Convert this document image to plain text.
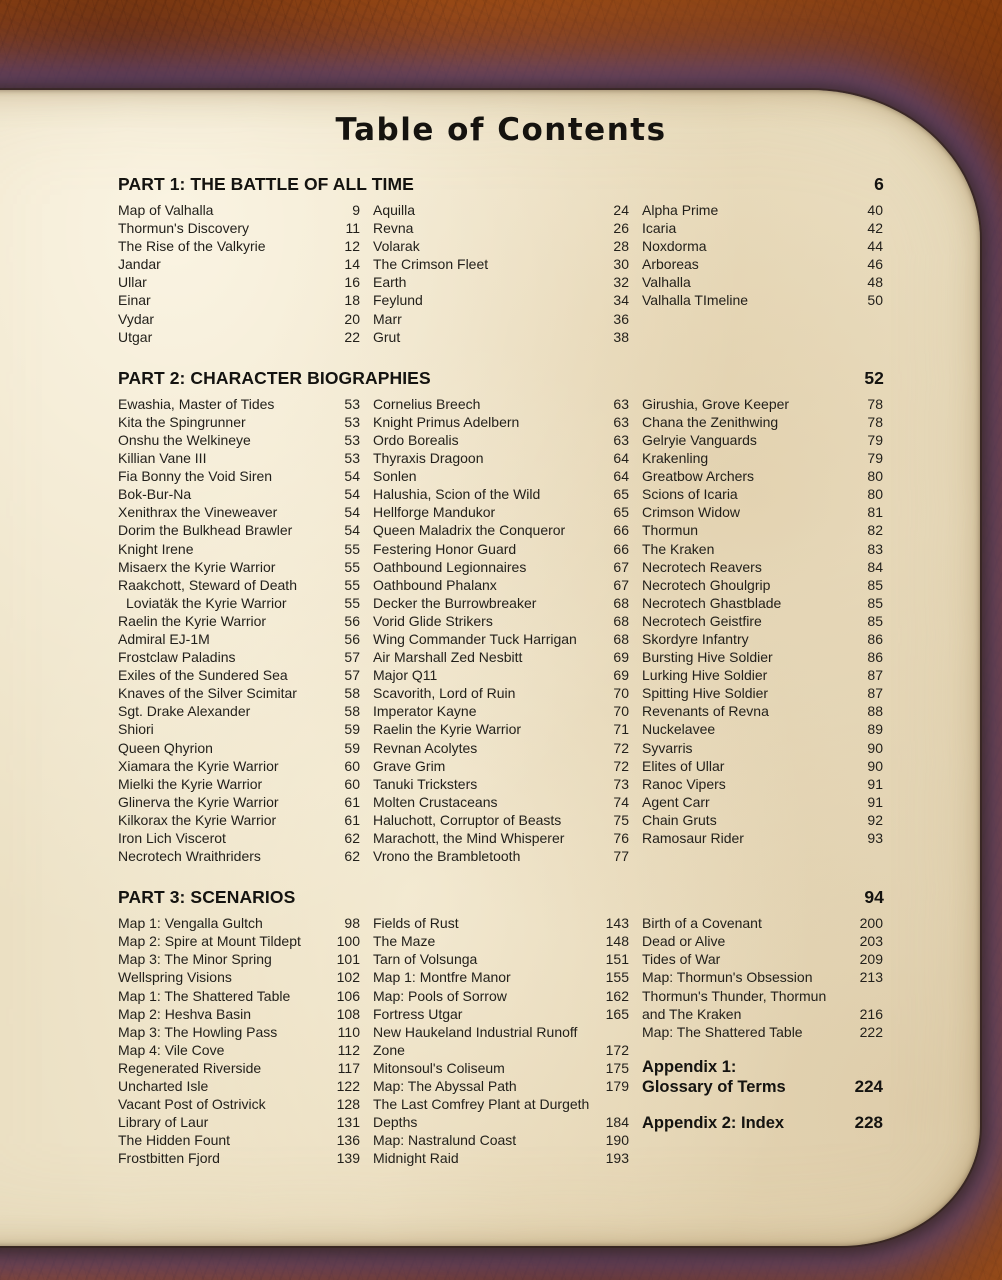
Table of Contents
PART 1: THE BATTLE OF ALL TIME	6
Map of Valhalla	9
Thormun's Discovery	11
The Rise of the Valkyrie	12
Jandar	14
Ullar	16
Einar	18
Vydar	20
Utgar	22
Aquilla	24
Revna	26
Volarak	28
The Crimson Fleet	30
Earth	32
Feylund	34
Marr	36
Grut	38
Alpha Prime	40
Icaria	42
Noxdorma	44
Arboreas	46
Valhalla	48
Valhalla TImeline	50
PART 2: CHARACTER BIOGRAPHIES	52
Ewashia, Master of Tides	53
Kita the Spingrunner	53
Onshu the Welkineye	53
Killian Vane III	53
Fia Bonny the Void Siren	54
Bok-Bur-Na	54
Xenithrax the Vineweaver	54
Dorim the Bulkhead Brawler	54
Knight Irene	55
Misaerx the Kyrie Warrior	55
Raakchott, Steward of Death	55
Loviatäk the Kyrie Warrior	55
Raelin the Kyrie Warrior	56
Admiral EJ-1M	56
Frostclaw Paladins	57
Exiles of the Sundered Sea	57
Knaves of the Silver Scimitar	58
Sgt. Drake Alexander	58
Shiori	59
Queen Qhyrion	59
Xiamara the Kyrie Warrior	60
Mielki the Kyrie Warrior	60
Glinerva the Kyrie Warrior	61
Kilkorax the Kyrie Warrior	61
Iron Lich Viscerot	62
Necrotech Wraithriders	62
Cornelius Breech	63
Knight Primus Adelbern	63
Ordo Borealis	63
Thyraxis Dragoon	64
Sonlen	64
Halushia, Scion of the Wild	65
Hellforge Mandukor	65
Queen Maladrix the Conqueror	66
Festering Honor Guard	66
Oathbound Legionnaires	67
Oathbound Phalanx	67
Decker the Burrowbreaker	68
Vorid Glide Strikers	68
Wing Commander Tuck Harrigan	68
Air Marshall Zed Nesbitt	69
Major Q11	69
Scavorith, Lord of Ruin	70
Imperator Kayne	70
Raelin the Kyrie Warrior	71
Revnan Acolytes	72
Grave Grim	72
Tanuki Tricksters	73
Molten Crustaceans	74
Haluchott, Corruptor of Beasts	75
Marachott, the Mind Whisperer	76
Vrono the Brambletooth	77
Girushia, Grove Keeper	78
Chana the Zenithwing	78
Gelryie Vanguards	79
Krakenling	79
Greatbow Archers	80
Scions of Icaria	80
Crimson Widow	81
Thormun	82
The Kraken	83
Necrotech Reavers	84
Necrotech Ghoulgrip	85
Necrotech Ghastblade	85
Necrotech Geistfire	85
Skordyre Infantry	86
Bursting Hive Soldier	86
Lurking Hive Soldier	87
Spitting Hive Soldier	87
Revenants of Revna	88
Nuckelavee	89
Syvarris	90
Elites of Ullar	90
Ranoc Vipers	91
Agent Carr	91
Chain Gruts	92
Ramosaur Rider	93
PART 3: SCENARIOS	94
Map 1: Vengalla Gultch	98
Map 2: Spire at Mount Tildept	100
Map 3: The Minor Spring	101
Wellspring Visions	102
Map 1: The Shattered Table	106
Map 2: Heshva Basin	108
Map 3: The Howling Pass	110
Map 4: Vile Cove	112
Regenerated Riverside	117
Uncharted Isle	122
Vacant Post of Ostrivick	128
Library of Laur	131
The Hidden Fount	136
Frostbitten Fjord	139
Fields of Rust	143
The Maze	148
Tarn of Volsunga	151
Map 1: Montfre Manor	155
Map: Pools of Sorrow	162
Fortress Utgar	165
New Haukeland Industrial Runoff Zone	172
Mitonsoul's Coliseum	175
Map: The Abyssal Path	179
The Last Comfrey Plant at Durgeth Depths	184
Map: Nastralund Coast	190
Midnight Raid	193
Birth of a Covenant	200
Dead or Alive	203
Tides of War	209
Map: Thormun's Obsession	213
Thormun's Thunder, Thormun and The Kraken	216
Map: The Shattered Table	222
Appendix 1:
Glossary of Terms	224
Appendix 2: Index	228
